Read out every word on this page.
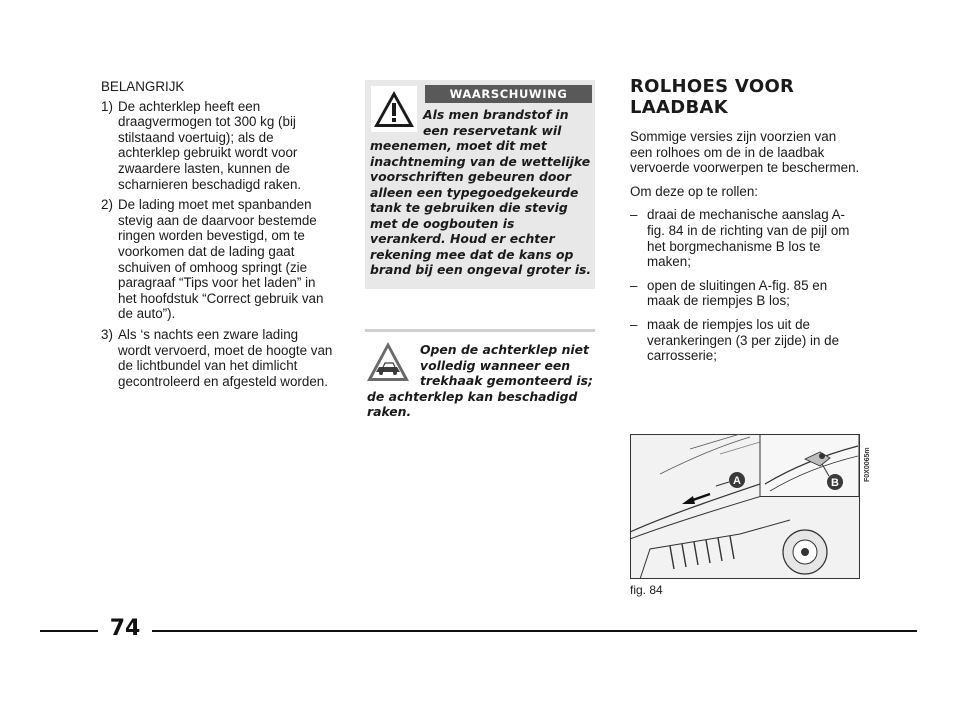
BELANGRIJK
1) De achterklep heeft een draagvermogen tot 300 kg (bij stilstaand voertuig); als de achterklep gebruikt wordt voor zwaardere lasten, kunnen de scharnieren beschadigd raken.
2) De lading moet met spanbanden stevig aan de daarvoor bestemde ringen worden bevestigd, om te voorkomen dat de lading gaat schuiven of omhoog springt (zie paragraaf “Tips voor het laden” in het hoofdstuk “Correct gebruik van de auto”).
3) Als ‘s nachts een zware lading wordt vervoerd, moet de hoogte van de lichtbundel van het dimlicht gecontroleerd en afgesteld worden.
WAARSCHUWING
Als men brandstof in een reservetank wil
meenemen, moet dit met inachtneming van de wettelijke voorschriften gebeuren door alleen een typegoedgekeurde tank te gebruiken die stevig met de oogbouten is verankerd. Houd er echter rekening mee dat de kans op brand bij een ongeval groter is.
Open de achterklep niet volledig wanneer een trekhaak gemonteerd is;
de achterklep kan beschadigd raken.
ROLHOES VOOR LAADBAK

Sommige versies zijn voorzien van een rolhoes om de in de laadbak vervoerde voorwerpen te beschermen.

Om deze op te rollen:

– draai de mechanische aanslag A-fig. 84 in de richting van de pijl om het borgmechanisme B los te maken;
– open de sluitingen A-fig. 85 en maak de riempjes B los;
– maak de riempjes los uit de verankeringen (3 per zijde) in de carrosserie;
A	B
F0X0065m
fig. 84
74
